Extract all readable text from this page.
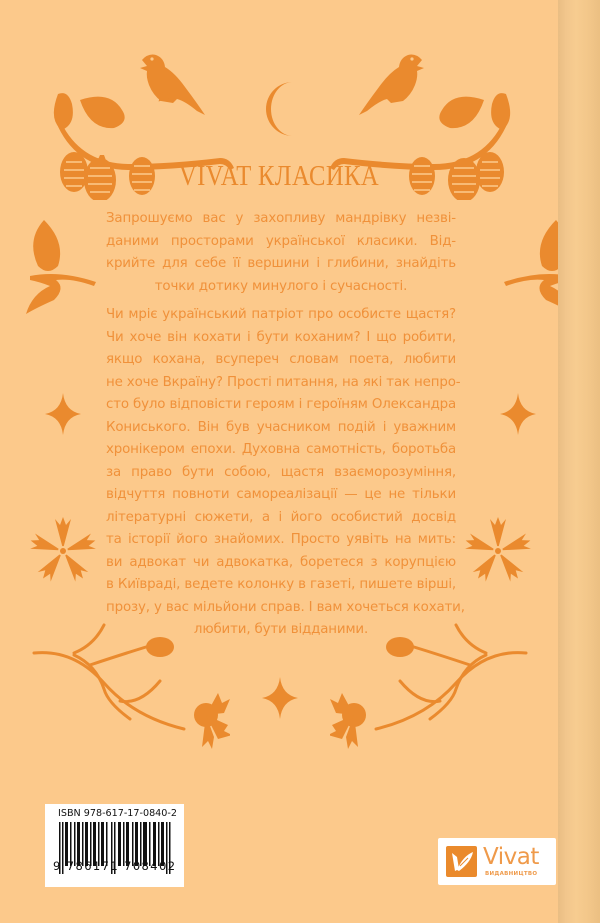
VIVAT КЛАСИКА
Запрошуємо вас у захопливу мандрівку незві-
даними просторами української класики. Від-
крийте для себе її вершини і глибини, знайдіть
точки дотику минулого і сучасності.
Чи мріє український патріот про особисте щастя?
Чи хоче він кохати і бути коханим? І що робити,
якщо кохана, всупереч словам поета, любити
не хоче Вкраїну? Прості питання, на які так непро-
сто було відповісти героям і героїням Олександра
Кониського. Він був учасником подій і уважним
хронікером епохи. Духовна самотність, боротьба
за право бути собою, щастя взаєморозуміння,
відчуття повноти самореалізації — це не тільки
літературні сюжети, а і його особистий досвід
та історії його знайомих. Просто уявіть на мить:
ви адвокат чи адвокатка, боретеся з корупцією
в Київраді, ведете колонку в газеті, пишете вірші,
прозу, у вас мільйони справ. І вам хочеться кохати,
любити, бути відданими.
ISBN 978-617-17-0840-2
9 786171 708402	Vivat
ВИДАВНИЦТВО
